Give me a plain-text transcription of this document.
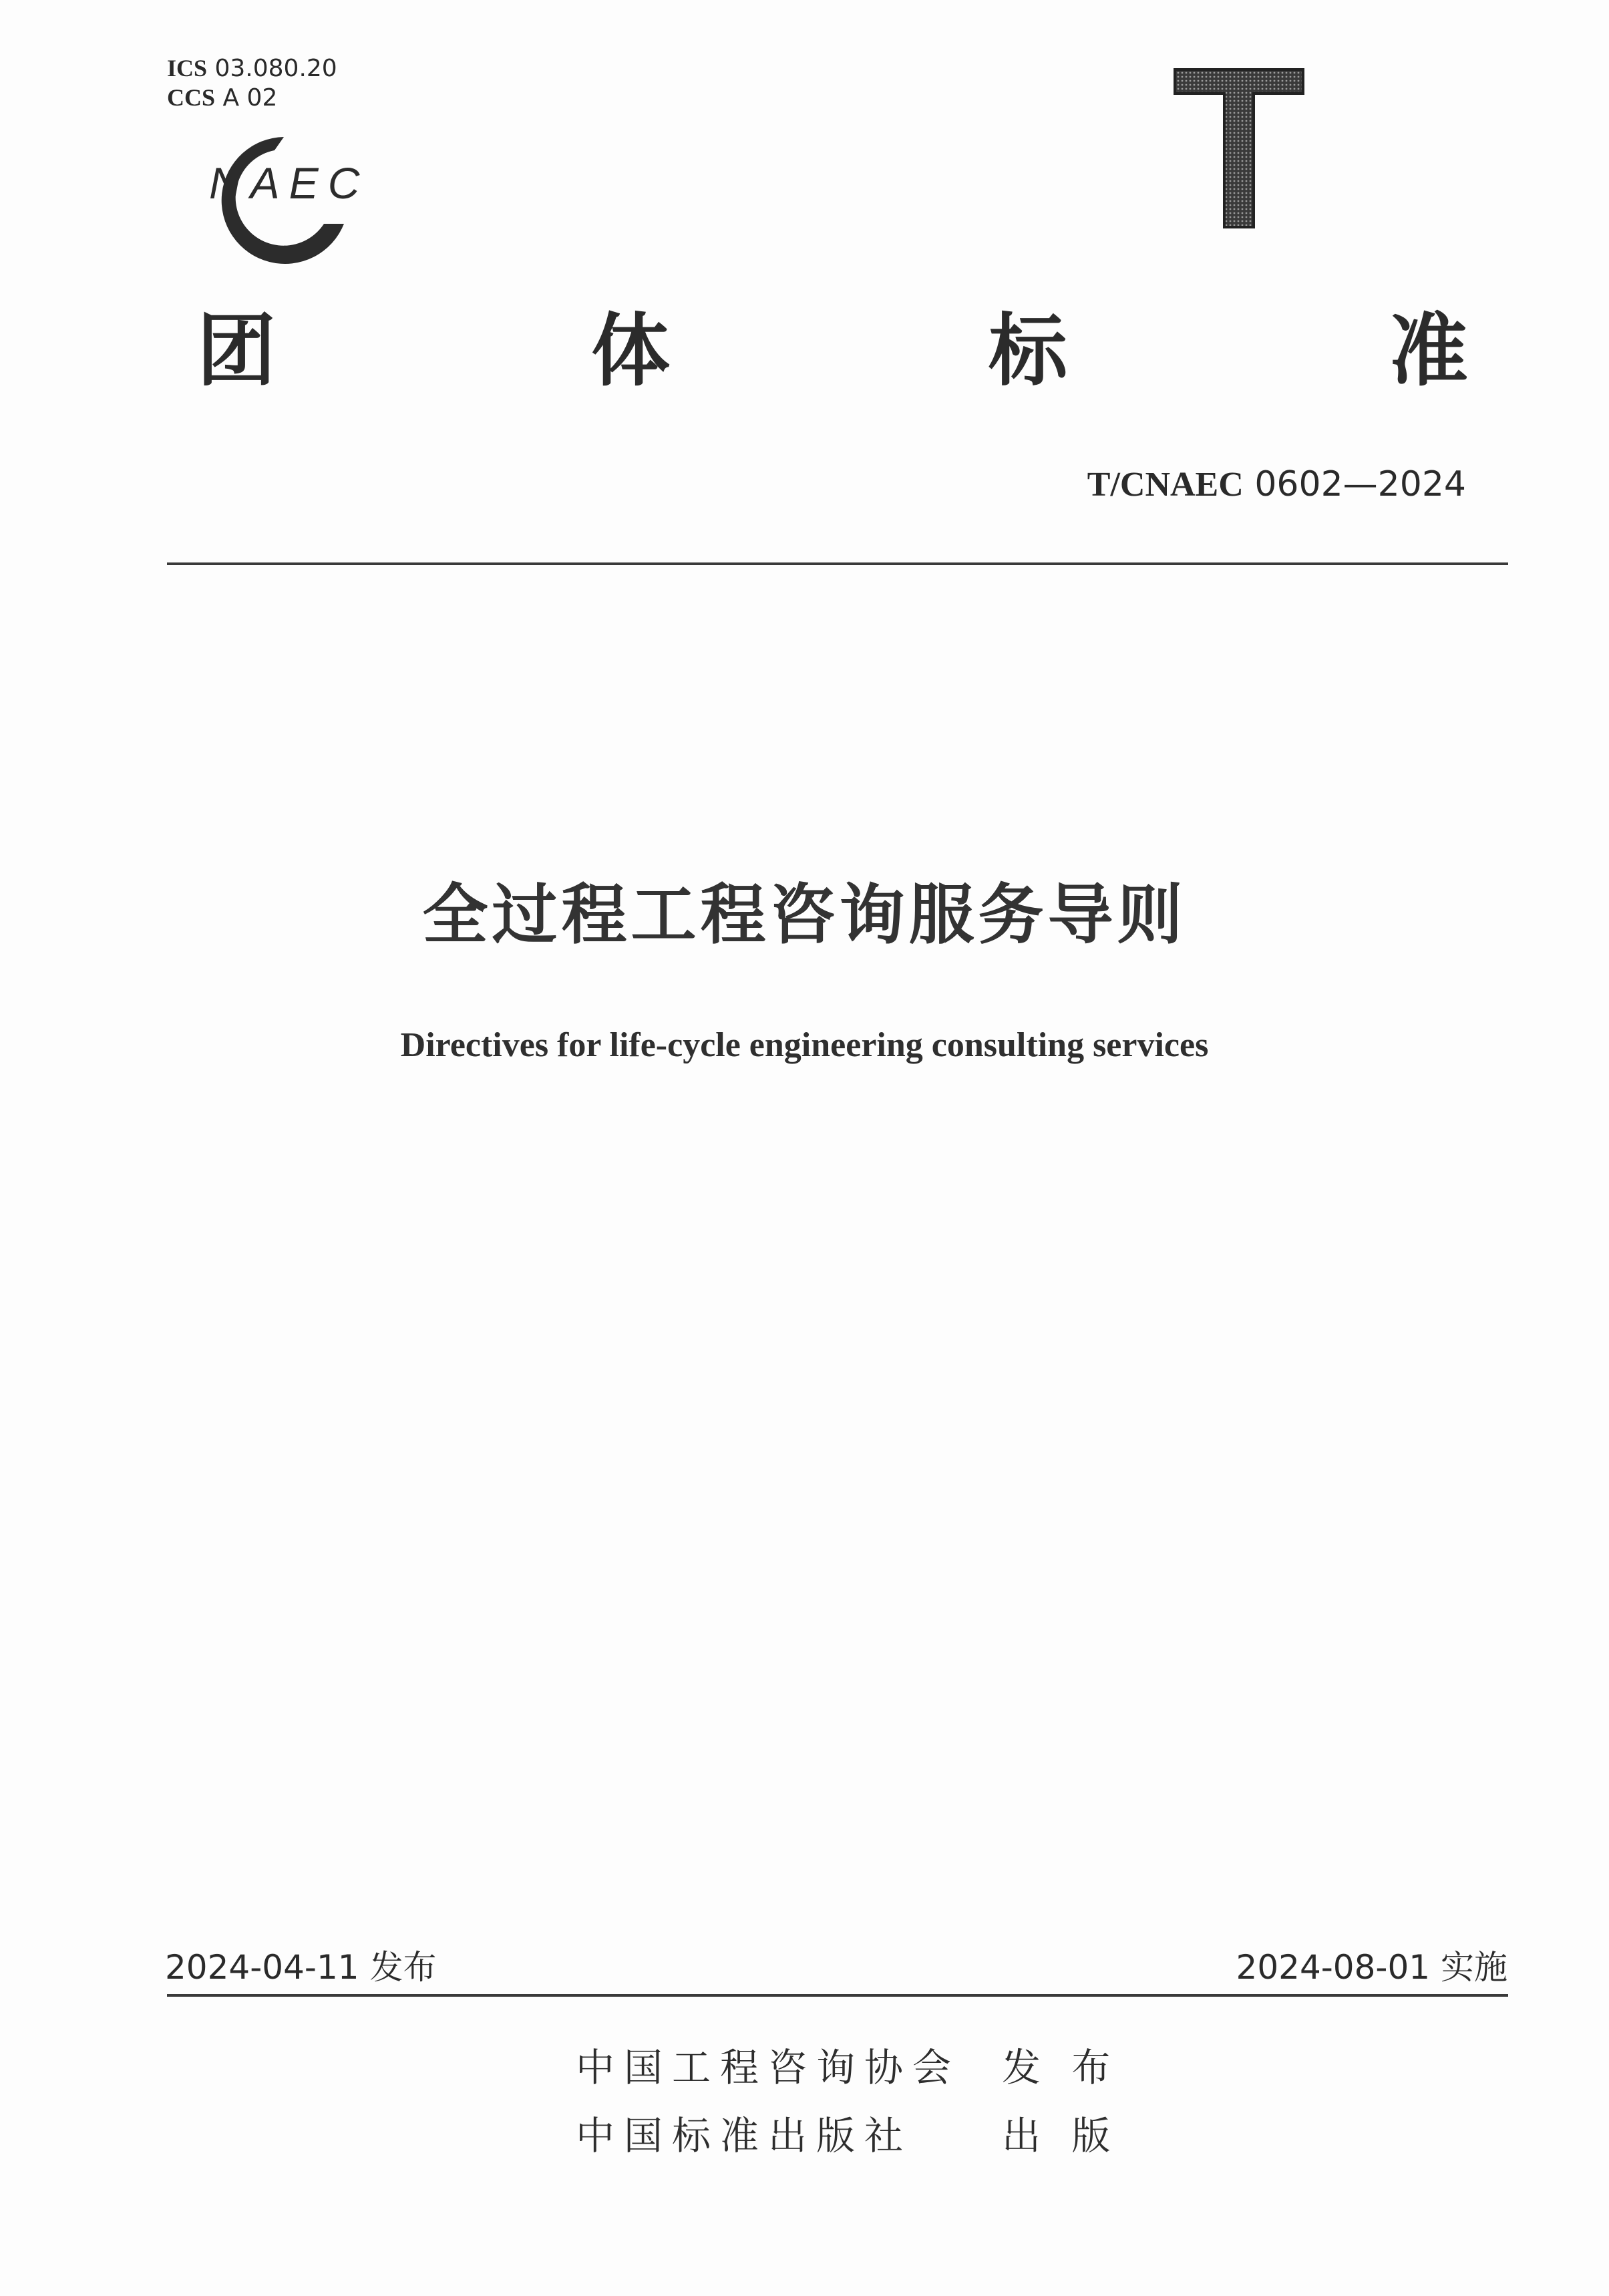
ICS 03.080.20
CCS A 02
NAEC
团	体	标	准
T/CNAEC 0602—2024
全过程工程咨询服务导则
Directives for life-cycle engineering consulting services
2024-04-11 发布	2024-08-01 实施
中国工程咨询协会 发 布
中国标准出版社 出 版
